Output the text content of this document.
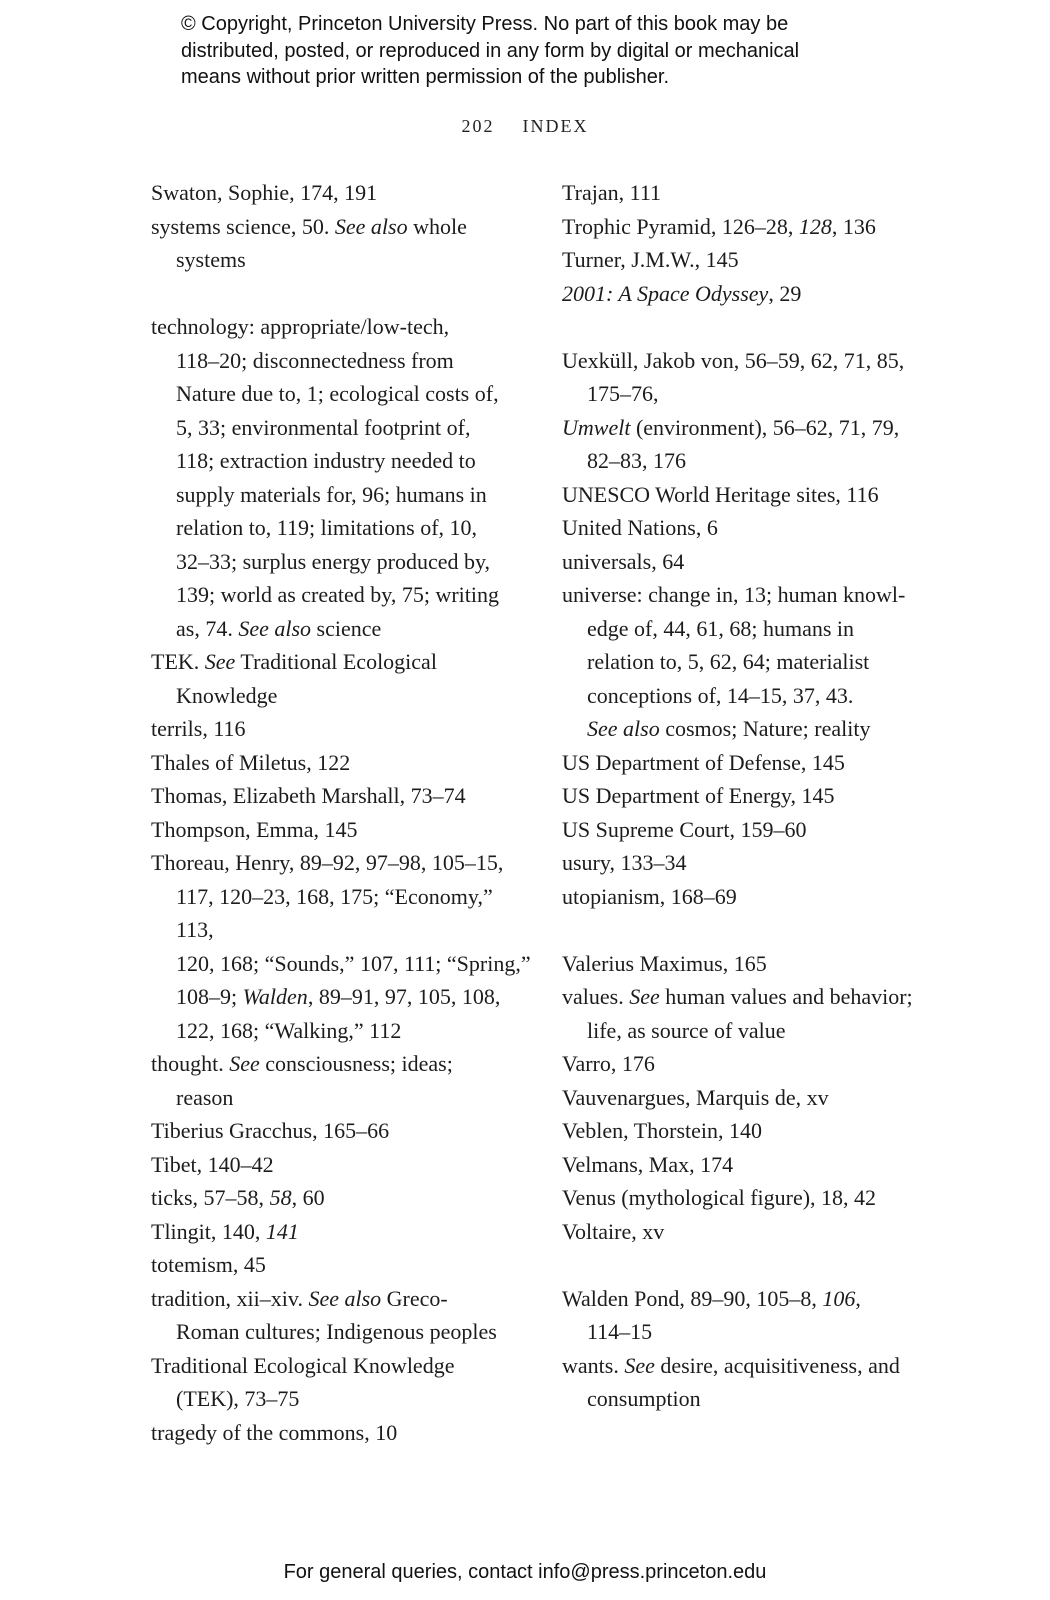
© Copyright, Princeton University Press. No part of this book may be
distributed, posted, or reproduced in any form by digital or mechanical
means without prior written permission of the publisher.
202 INDEX
Swaton, Sophie, 174, 191
systems science, 50. See also whole
systems
technology: appropriate/low-tech,
118–20; disconnectedness from
Nature due to, 1; ecological costs of,
5, 33; environmental footprint of,
118; extraction industry needed to
supply materials for, 96; humans in
relation to, 119; limitations of, 10,
32–33; surplus energy produced by,
139; world as created by, 75; writing
as, 74. See also science
TEK. See Traditional Ecological
Knowledge
terrils, 116
Thales of Miletus, 122
Thomas, Elizabeth Marshall, 73–74
Thompson, Emma, 145
Thoreau, Henry, 89–92, 97–98, 105–15,
117, 120–23, 168, 175; “Economy,” 113,
120, 168; “Sounds,” 107, 111; “Spring,”
108–9; Walden, 89–91, 97, 105, 108,
122, 168; “Walking,” 112
thought. See consciousness; ideas;
reason
Tiberius Gracchus, 165–66
Tibet, 140–42
ticks, 57–58, 58, 60
Tlingit, 140, 141
totemism, 45
tradition, xii–xiv. See also Greco-
Roman cultures; Indigenous peoples
Traditional Ecological Knowledge
(TEK), 73–75
tragedy of the commons, 10
Trajan, 111
Trophic Pyramid, 126–28, 128, 136
Turner, J.M.W., 145
2001: A Space Odyssey, 29
Uexküll, Jakob von, 56–59, 62, 71, 85,
175–76,
Umwelt (environment), 56–62, 71, 79,
82–83, 176
UNESCO World Heritage sites, 116
United Nations, 6
universals, 64
universe: change in, 13; human knowl-
edge of, 44, 61, 68; humans in
relation to, 5, 62, 64; materialist
conceptions of, 14–15, 37, 43.
See also cosmos; Nature; reality
US Department of Defense, 145
US Department of Energy, 145
US Supreme Court, 159–60
usury, 133–34
utopianism, 168–69
Valerius Maximus, 165
values. See human values and behavior;
life, as source of value
Varro, 176
Vauvenargues, Marquis de, xv
Veblen, Thorstein, 140
Velmans, Max, 174
Venus (mythological figure), 18, 42
Voltaire, xv
Walden Pond, 89–90, 105–8, 106,
114–15
wants. See desire, acquisitiveness, and
consumption
For general queries, contact info@press.princeton.edu
